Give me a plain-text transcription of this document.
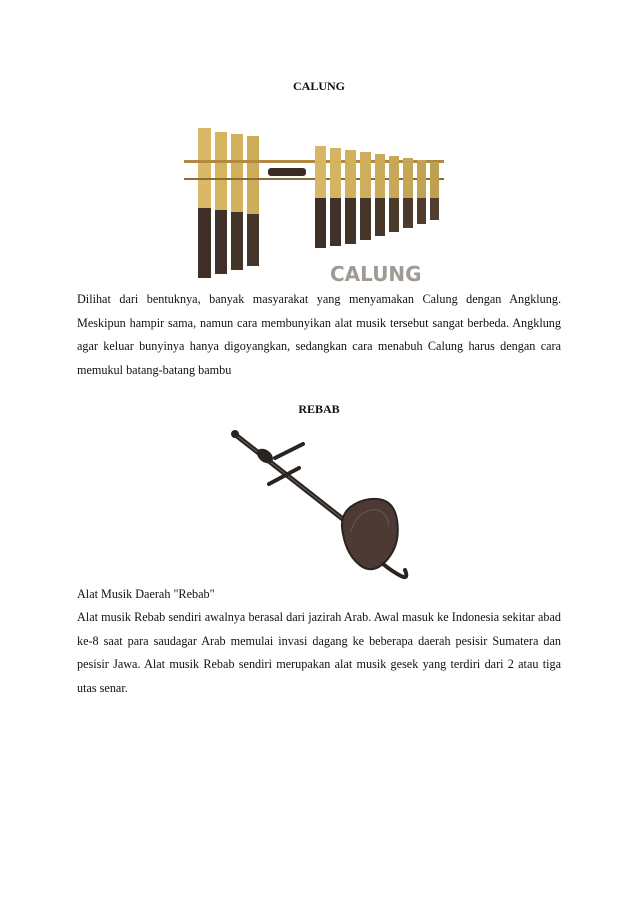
CALUNG
CALUNG
Dilihat dari bentuknya, banyak masyarakat yang menyamakan Calung dengan Angklung. Meskipun hampir sama, namun cara membunyikan alat musik tersebut sangat berbeda. Angklung agar keluar bunyinya hanya digoyangkan, sedangkan cara menabuh Calung harus dengan cara memukul batang-batang bambu
REBAB
Alat Musik Daerah "Rebab"
Alat musik Rebab sendiri awalnya berasal dari jazirah Arab. Awal masuk ke Indonesia sekitar abad ke-8 saat para saudagar Arab memulai invasi dagang ke beberapa daerah pesisir Sumatera dan pesisir Jawa. Alat musik Rebab sendiri merupakan alat musik gesek yang terdiri dari 2 atau tiga utas senar.
